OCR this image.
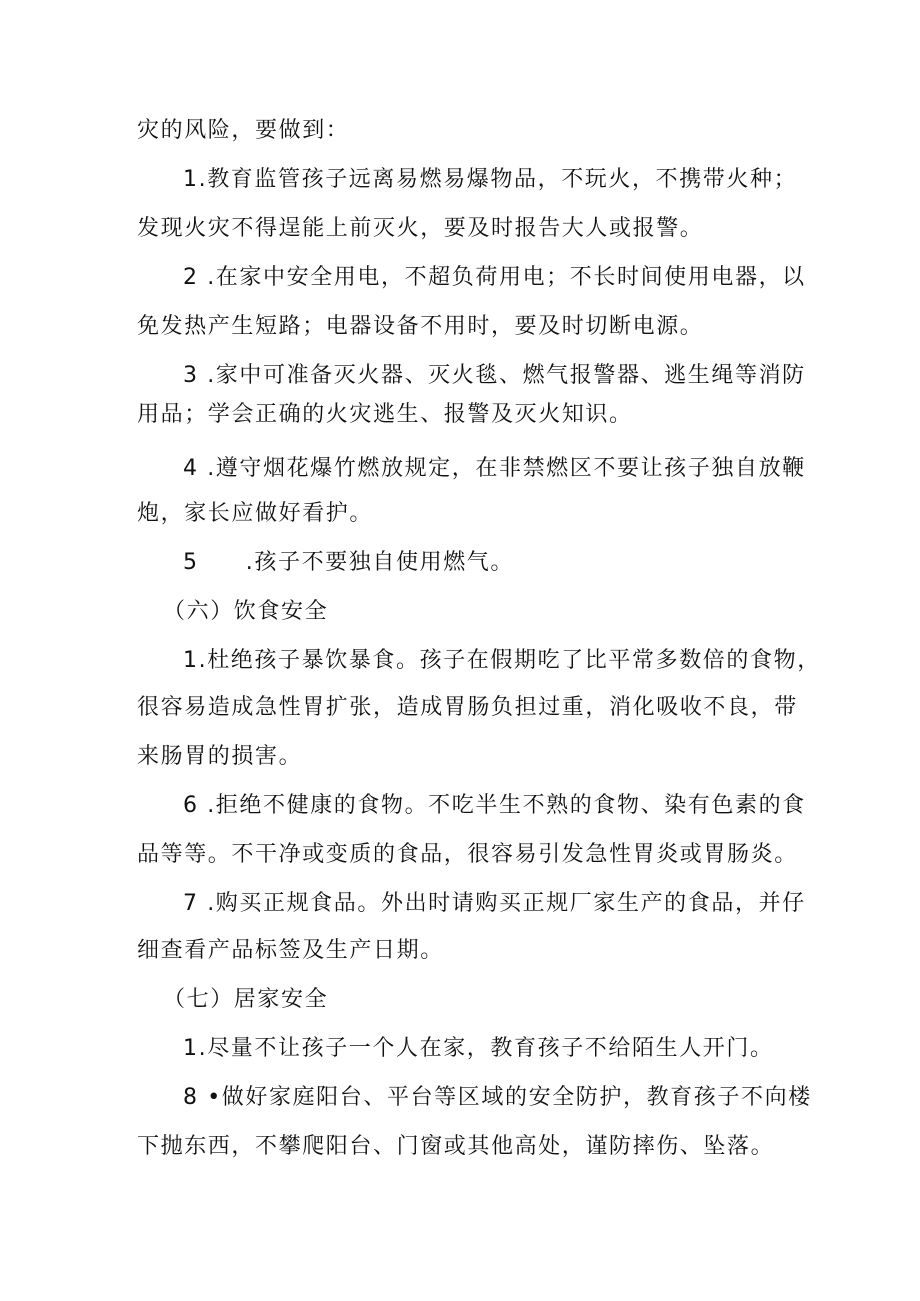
灾的风险，要做到：
1.教育监管孩子远离易燃易爆物品，不玩火，不携带火种；
发现火灾不得逞能上前灭火，要及时报告大人或报警。
2 .在家中安全用电，不超负荷用电；不长时间使用电器，以
免发热产生短路；电器设备不用时，要及时切断电源。
3 .家中可准备灭火器、灭火毯、燃气报警器、逃生绳等消防
用品；学会正确的火灾逃生、报警及灭火知识。
4 .遵守烟花爆竹燃放规定，在非禁燃区不要让孩子独自放鞭
炮，家长应做好看护。
5　　.孩子不要独自使用燃气。
（六）饮食安全
1.杜绝孩子暴饮暴食。孩子在假期吃了比平常多数倍的食物，
很容易造成急性胃扩张，造成胃肠负担过重，消化吸收不良，带
来肠胃的损害。
6 .拒绝不健康的食物。不吃半生不熟的食物、染有色素的食
品等等。不干净或变质的食品，很容易引发急性胃炎或胃肠炎。
7 .购买正规食品。外出时请购买正规厂家生产的食品，并仔
细查看产品标签及生产日期。
（七）居家安全
1.尽量不让孩子一个人在家，教育孩子不给陌生人开门。
8 •做好家庭阳台、平台等区域的安全防护，教育孩子不向楼
下抛东西，不攀爬阳台、门窗或其他高处，谨防摔伤、坠落。
